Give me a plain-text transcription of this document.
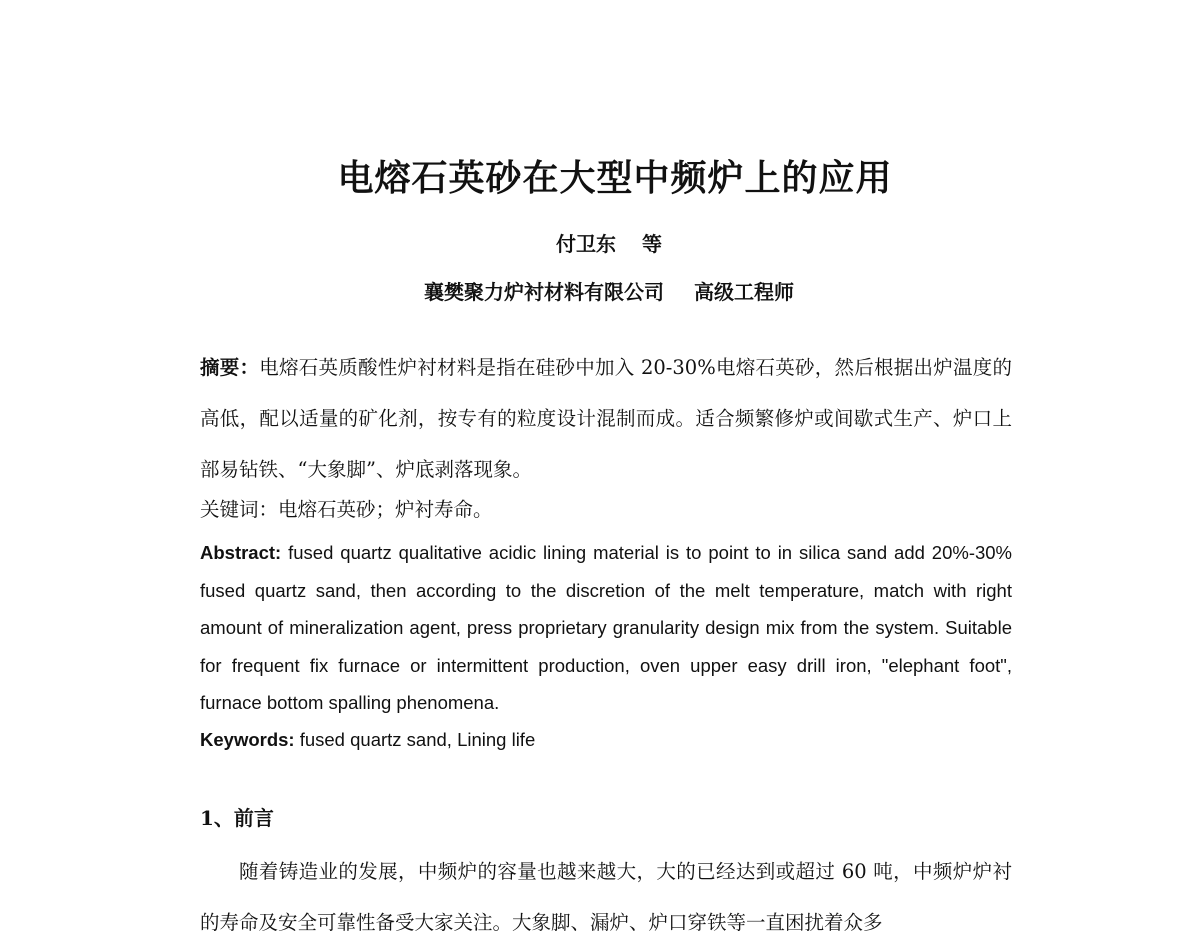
电熔石英砂在大型中频炉上的应用

付卫东 等

襄樊聚力炉衬材料有限公司 高级工程师

摘要：电熔石英质酸性炉衬材料是指在硅砂中加入 20-30%电熔石英砂，然后根据出炉温度的高低，配以适量的矿化剂，按专有的粒度设计混制而成。适合频繁修炉或间歇式生产、炉口上部易钻铁、“大象脚”、炉底剥落现象。

关键词：电熔石英砂；炉衬寿命。

Abstract: fused quartz qualitative acidic lining material is to point to in silica sand add 20%-30% fused quartz sand, then according to the discretion of the melt temperature, match with right amount of mineralization agent, press proprietary granularity design mix from the system. Suitable for frequent fix furnace or intermittent production, oven upper easy drill iron, "elephant foot", furnace bottom spalling phenomena.

Keywords: fused quartz sand, Lining life

1、前言

随着铸造业的发展，中频炉的容量也越来越大，大的已经达到或超过 60 吨，中频炉炉衬的寿命及安全可靠性备受大家关注。大象脚、漏炉、炉口穿铁等一直困扰着众多
